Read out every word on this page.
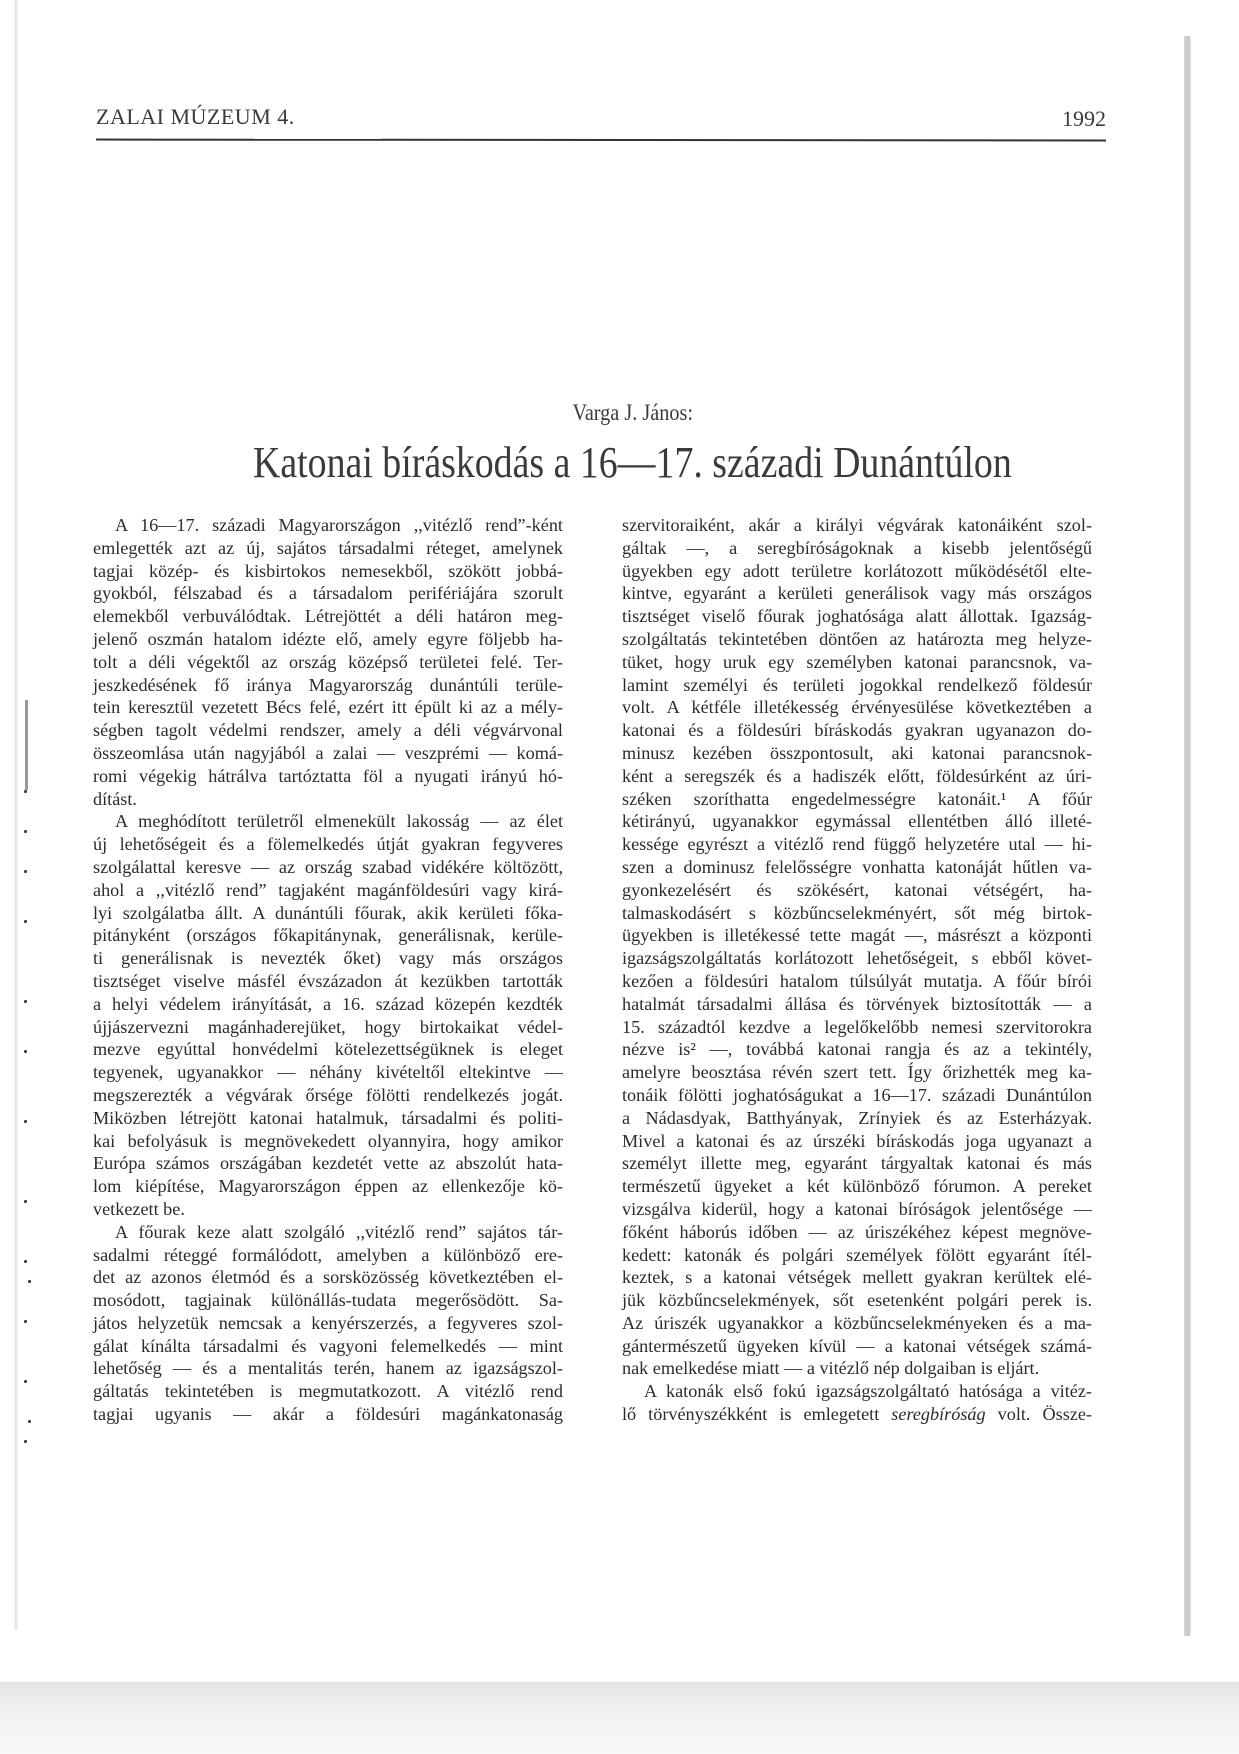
ZALAI MÚZEUM 4.	1992
Varga J. János:
Katonai bíráskodás a 16—17. századi Dunántúlon
A 16—17. századi Magyarországon ,,vitézlő rend”-ként
emlegették azt az új, sajátos társadalmi réteget, amelynek
tagjai közép- és kisbirtokos nemesekből, szökött jobbá-
gyokból, félszabad és a társadalom perifériájára szorult
elemekből verbuválódtak. Létrejöttét a déli határon meg-
jelenő oszmán hatalom idézte elő, amely egyre följebb ha-
tolt a déli végektől az ország középső területei felé. Ter-
jeszkedésének fő iránya Magyarország dunántúli terüle-
tein keresztül vezetett Bécs felé, ezért itt épült ki az a mély-
ségben tagolt védelmi rendszer, amely a déli végvárvonal
összeomlása után nagyjából a zalai — veszprémi — komá-
romi végekig hátrálva tartóztatta föl a nyugati irányú hó-
dítást.
A meghódított területről elmenekült lakosság — az élet
új lehetőségeit és a fölemelkedés útját gyakran fegyveres
szolgálattal keresve — az ország szabad vidékére költözött,
ahol a ,,vitézlő rend” tagjaként magánföldesúri vagy kirá-
lyi szolgálatba állt. A dunántúli főurak, akik kerületi főka-
pitányként (országos főkapitánynak, generálisnak, kerüle-
ti generálisnak is nevezték őket) vagy más országos
tisztséget viselve másfél évszázadon át kezükben tartották
a helyi védelem irányítását, a 16. század közepén kezdték
újjászervezni magánhaderejüket, hogy birtokaikat védel-
mezve egyúttal honvédelmi kötelezettségüknek is eleget
tegyenek, ugyanakkor — néhány kivételtől eltekintve —
megszerezték a végvárak őrsége fölötti rendelkezés jogát.
Miközben létrejött katonai hatalmuk, társadalmi és politi-
kai befolyásuk is megnövekedett olyannyira, hogy amikor
Európa számos országában kezdetét vette az abszolút hata-
lom kiépítése, Magyarországon éppen az ellenkezője kö-
vetkezett be.
A főurak keze alatt szolgáló ,,vitézlő rend” sajátos tár-
sadalmi réteggé formálódott, amelyben a különböző ere-
det az azonos életmód és a sorsközösség következtében el-
mosódott, tagjainak különállás-tudata megerősödött. Sa-
játos helyzetük nemcsak a kenyérszerzés, a fegyveres szol-
gálat kínálta társadalmi és vagyoni felemelkedés — mint
lehetőség — és a mentalitás terén, hanem az igazságszol-
gáltatás tekintetében is megmutatkozott. A vitézlő rend
tagjai ugyanis — akár a földesúri magánkatonaság
szervitoraiként, akár a királyi végvárak katonáiként szol-
gáltak —, a seregbíróságoknak a kisebb jelentőségű
ügyekben egy adott területre korlátozott működésétől elte-
kintve, egyaránt a kerületi generálisok vagy más országos
tisztséget viselő főurak joghatósága alatt állottak. Igazság-
szolgáltatás tekintetében döntően az határozta meg helyze-
tüket, hogy uruk egy személyben katonai parancsnok, va-
lamint személyi és területi jogokkal rendelkező földesúr
volt. A kétféle illetékesség érvényesülése következtében a
katonai és a földesúri bíráskodás gyakran ugyanazon do-
minusz kezében összpontosult, aki katonai parancsnok-
ként a seregszék és a hadiszék előtt, földesúrként az úri-
széken szoríthatta engedelmességre katonáit.¹ A főúr
kétirányú, ugyanakkor egymással ellentétben álló illeté-
kessége egyrészt a vitézlő rend függő helyzetére utal — hi-
szen a dominusz felelősségre vonhatta katonáját hűtlen va-
gyonkezelésért és szökésért, katonai vétségért, ha-
talmaskodásért s közbűncselekményért, sőt még birtok-
ügyekben is illetékessé tette magát —, másrészt a központi
igazságszolgáltatás korlátozott lehetőségeit, s ebből követ-
kezően a földesúri hatalom túlsúlyát mutatja. A főúr bírói
hatalmát társadalmi állása és törvények biztosították — a
15. századtól kezdve a legelőkelőbb nemesi szervitorokra
nézve is² —, továbbá katonai rangja és az a tekintély,
amelyre beosztása révén szert tett. Így őrizhették meg ka-
tonáik fölötti joghatóságukat a 16—17. századi Dunántúlon
a Nádasdyak, Batthyányak, Zrínyiek és az Esterházyak.
Mivel a katonai és az úrszéki bíráskodás joga ugyanazt a
személyt illette meg, egyaránt tárgyaltak katonai és más
természetű ügyeket a két különböző fórumon. A pereket
vizsgálva kiderül, hogy a katonai bíróságok jelentősége —
főként háborús időben — az úriszékéhez képest megnöve-
kedett: katonák és polgári személyek fölött egyaránt ítél-
keztek, s a katonai vétségek mellett gyakran kerültek elé-
jük közbűncselekmények, sőt esetenként polgári perek is.
Az úriszék ugyanakkor a közbűncselekményeken és a ma-
gántermészetű ügyeken kívül — a katonai vétségek számá-
nak emelkedése miatt — a vitézlő nép dolgaiban is eljárt.
A katonák első fokú igazságszolgáltató hatósága a vitéz-
lő törvényszékként is emlegetett seregbíróság volt. Össze-
